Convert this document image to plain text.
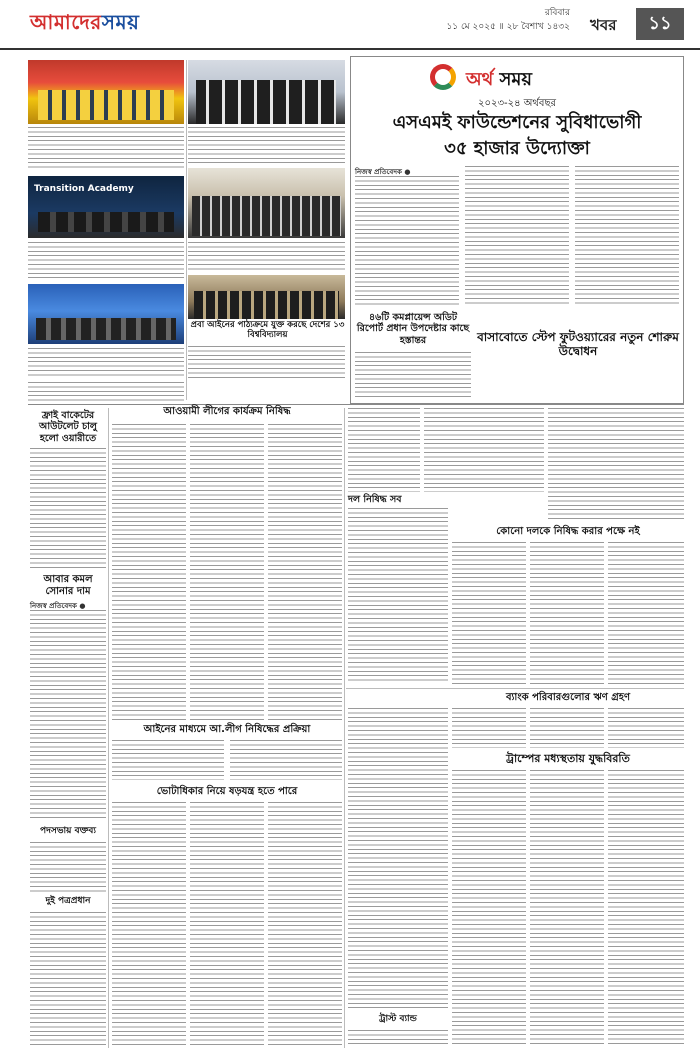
আমাদেরসময়	রবিবার
১১ মে ২০২৫ ॥ ২৮ বৈশাখ ১৪৩২ খবর	১১
Transition Academy
প্রবা আইনের পাঠ্যক্রমে যুক্ত করছে দেশের ১৩ বিশ্ববিদ্যালয়
অর্থ সময়
২০২৩-২৪ অর্থবছর
এসএমই ফাউন্ডেশনের সুবিধাভোগী
৩৫ হাজার উদ্যোক্তা
নিজস্ব প্রতিবেদক ●
৪৬টি কমপ্লায়েন্স অডিট রিপোর্ট প্রধান উপদেষ্টার কাছে হস্তান্তর	বাসাবোতে স্টেপ ফুটওয়্যারের নতুন শোরুম উদ্বোধন
ফ্রাই বাকেটের আউটলেট চালু হলো ওয়ারীতে
আবার কমল সোনার দাম
নিজস্ব প্রতিবেদক ●
পদসভায় বক্তব্য
দুই পত্রপ্রধান
আওয়ামী লীগের কার্যক্রম নিষিদ্ধ
আইনের মাধ্যমে আ.লীগ নিষিদ্ধের প্রক্রিয়া
ভোটাধিকার নিয়ে ষড়যন্ত্র হতে পারে
দল নিষিদ্ধ সব
কোনো দলকে নিষিদ্ধ করার পক্ষে নই
ব্যাংক পরিবারগুলোর ঋণ গ্রহণ
ট্রাম্পের মধ্যস্থতায় যুদ্ধবিরতি
ট্রাস্ট ব্যান্ড
